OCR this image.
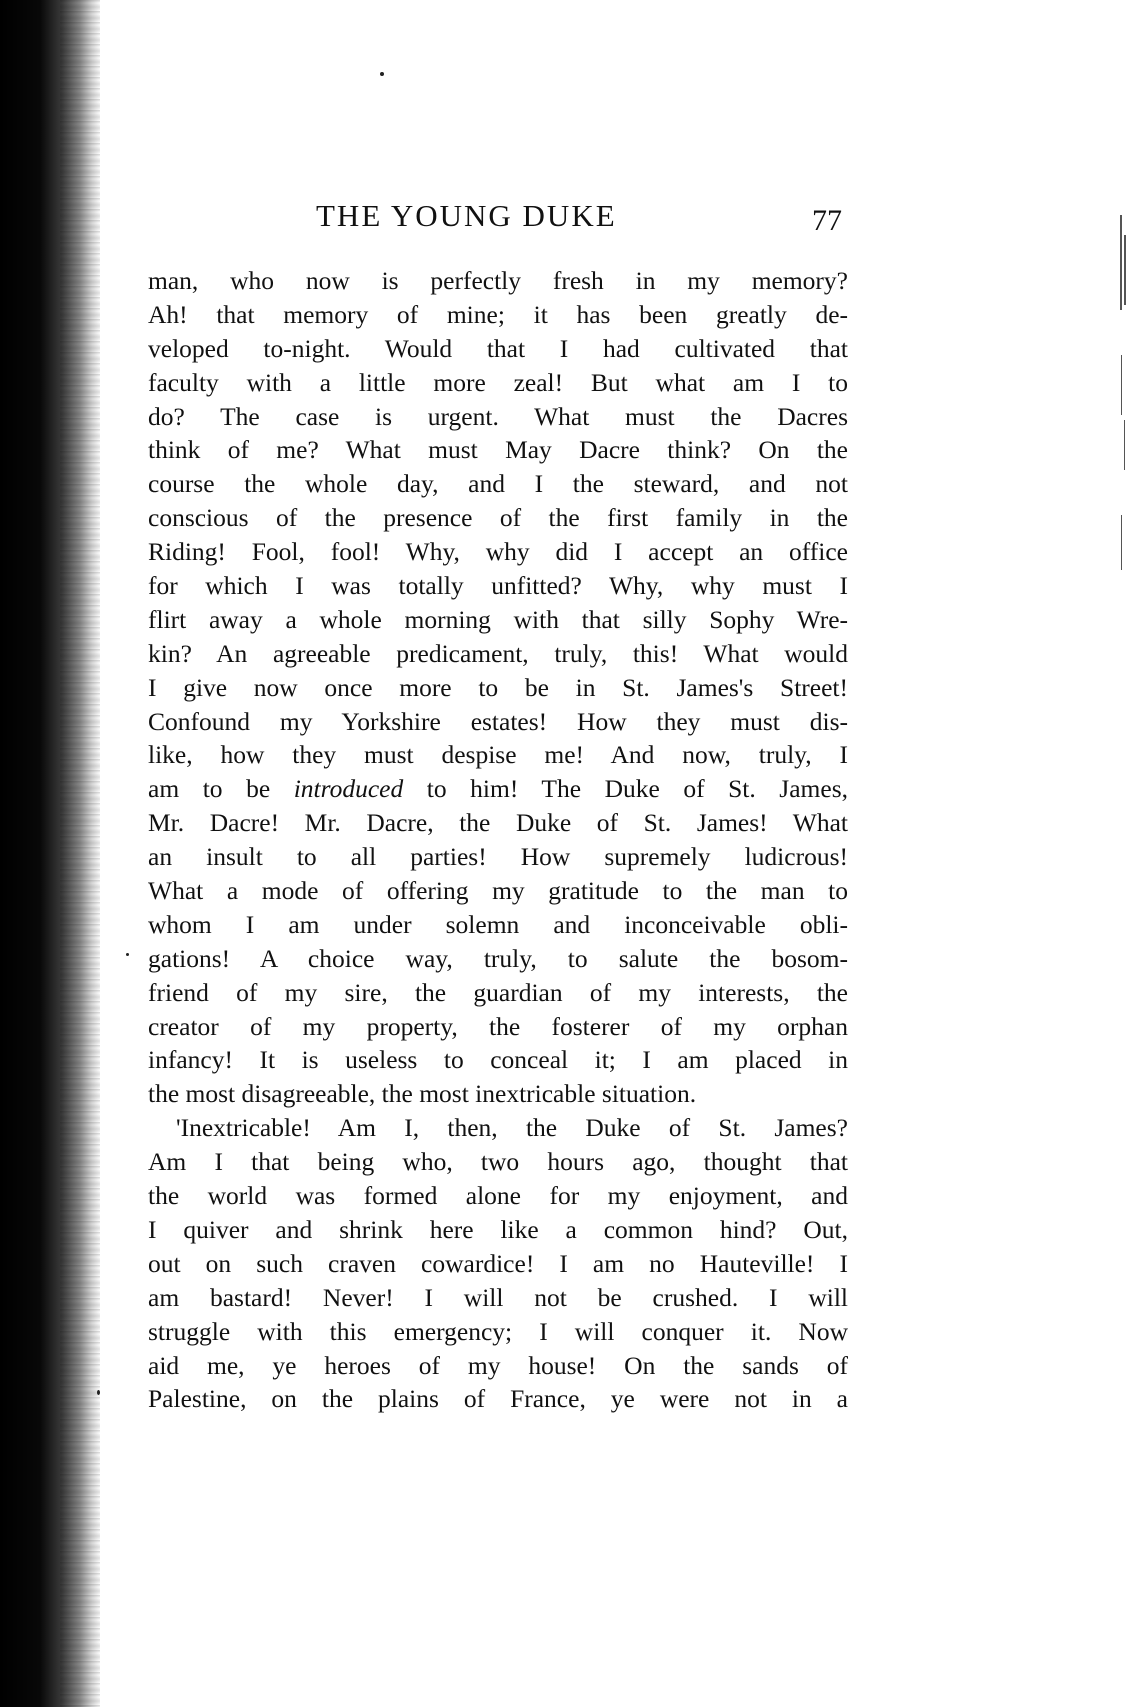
THE YOUNG DUKE	77
man, who now is perfectly fresh in my memory?
Ah! that memory of mine; it has been greatly de-
veloped to-night. Would that I had cultivated that
faculty with a little more zeal! But what am I to
do? The case is urgent. What must the Dacres
think of me? What must May Dacre think? On the
course the whole day, and I the steward, and not
conscious of the presence of the first family in the
Riding! Fool, fool! Why, why did I accept an office
for which I was totally unfitted? Why, why must I
flirt away a whole morning with that silly Sophy Wre-
kin? An agreeable predicament, truly, this! What would
I give now once more to be in St. James's Street!
Confound my Yorkshire estates! How they must dis-
like, how they must despise me! And now, truly, I
am to be introduced to him! The Duke of St. James,
Mr. Dacre! Mr. Dacre, the Duke of St. James! What
an insult to all parties! How supremely ludicrous!
What a mode of offering my gratitude to the man to
whom I am under solemn and inconceivable obli-
gations! A choice way, truly, to salute the bosom-
friend of my sire, the guardian of my interests, the
creator of my property, the fosterer of my orphan
infancy! It is useless to conceal it; I am placed in
the most disagreeable, the most inextricable situation.
'Inextricable! Am I, then, the Duke of St. James?
Am I that being who, two hours ago, thought that
the world was formed alone for my enjoyment, and
I quiver and shrink here like a common hind? Out,
out on such craven cowardice! I am no Hauteville! I
am bastard! Never! I will not be crushed. I will
struggle with this emergency; I will conquer it. Now
aid me, ye heroes of my house! On the sands of
Palestine, on the plains of France, ye were not in a
